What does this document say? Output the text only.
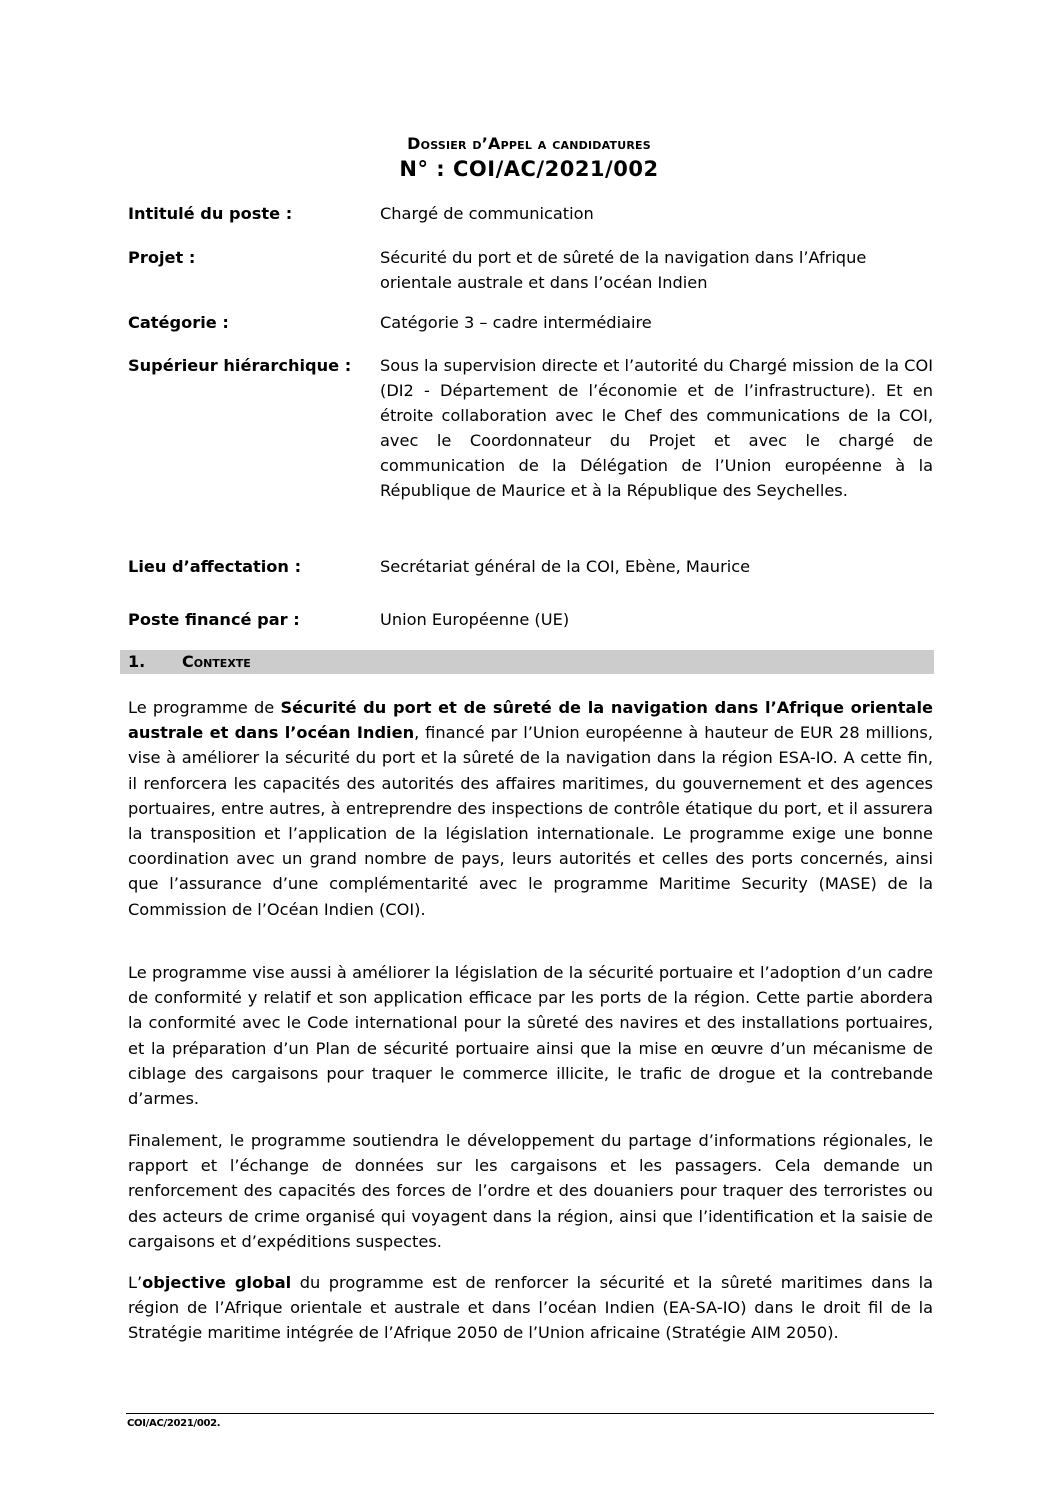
Dossier d’Appel a candidatures
N° : COI/AC/2021/002
Intitulé du poste :	Chargé de communication
Projet :	Sécurité du port et de sûreté de la navigation dans l’Afrique orientale australe et dans l’océan Indien
Catégorie :	Catégorie 3 – cadre intermédiaire
Supérieur hiérarchique : Sous la supervision directe et l’autorité du Chargé mission de la COI (DI2 - Département de l’économie et de l’infrastructure). Et en étroite collaboration avec le Chef des communications de la COI, avec le Coordonnateur du Projet et avec le chargé de communication de la Délégation de l’Union européenne à la République de Maurice et à la République des Seychelles.
Lieu d’affectation :	Secrétariat général de la COI, Ebène, Maurice
Poste financé par :	Union Européenne (UE)
1. Contexte
Le programme de Sécurité du port et de sûreté de la navigation dans l’Afrique orientale australe et dans l’océan Indien, financé par l’Union européenne à hauteur de EUR 28 millions, vise à améliorer la sécurité du port et la sûreté de la navigation dans la région ESA-IO. A cette fin, il renforcera les capacités des autorités des affaires maritimes, du gouvernement et des agences portuaires, entre autres, à entreprendre des inspections de contrôle étatique du port, et il assurera la transposition et l’application de la législation internationale. Le programme exige une bonne coordination avec un grand nombre de pays, leurs autorités et celles des ports concernés, ainsi que l’assurance d’une complémentarité avec le programme Maritime Security (MASE) de la Commission de l’Océan Indien (COI).
Le programme vise aussi à améliorer la législation de la sécurité portuaire et l’adoption d’un cadre de conformité y relatif et son application efficace par les ports de la région. Cette partie abordera la conformité avec le Code international pour la sûreté des navires et des installations portuaires, et la préparation d’un Plan de sécurité portuaire ainsi que la mise en œuvre d’un mécanisme de ciblage des cargaisons pour traquer le commerce illicite, le trafic de drogue et la contrebande d’armes.
Finalement, le programme soutiendra le développement du partage d’informations régionales, le rapport et l’échange de données sur les cargaisons et les passagers. Cela demande un renforcement des capacités des forces de l’ordre et des douaniers pour traquer des terroristes ou des acteurs de crime organisé qui voyagent dans la région, ainsi que l’identification et la saisie de cargaisons et d’expéditions suspectes.
L’objective global du programme est de renforcer la sécurité et la sûreté maritimes dans la région de l’Afrique orientale et australe et dans l’océan Indien (EA-SA-IO) dans le droit fil de la Stratégie maritime intégrée de l’Afrique 2050 de l’Union africaine (Stratégie AIM 2050).
COI/AC/2021/002.
